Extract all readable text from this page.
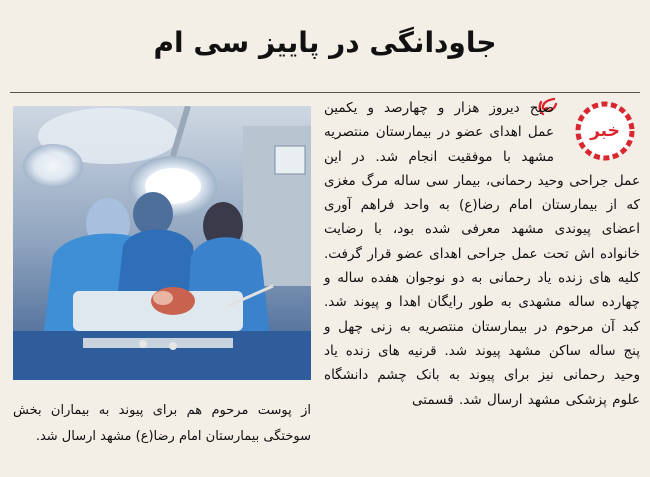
جاودانگی در پاییز سی ام
خبر
از پوست مرحوم هم برای پیوند به بیماران بخش سوختگی بیمارستان امام رضا(ع) مشهد ارسال شد.
صبح دیروز هزار و چهارصد و یکمین عمل اهدای عضو در بیمارستان منتصریه مشهد با موفقیت انجام شد. در این عمل جراحی وحید رحمانی، بیمار سی ساله مرگ مغزی که از بیمارستان امام رضا(ع) به واحد فراهم آوری اعضای پیوندی مشهد معرفی شده بود، با رضایت خانواده اش تحت عمل جراحی اهدای عضو قرار گرفت. کلیه های زنده یاد رحمانی به دو نوجوان هفده ساله و چهارده ساله مشهدی به طور رایگان اهدا و پیوند شد. کبد آن مرحوم در بیمارستان منتصریه به زنی چهل و پنج ساله ساکن مشهد پیوند شد. قرنیه های زنده یاد وحید رحمانی نیز برای پیوند به بانک چشم دانشگاه علوم پزشکی مشهد ارسال شد. قسمتی
